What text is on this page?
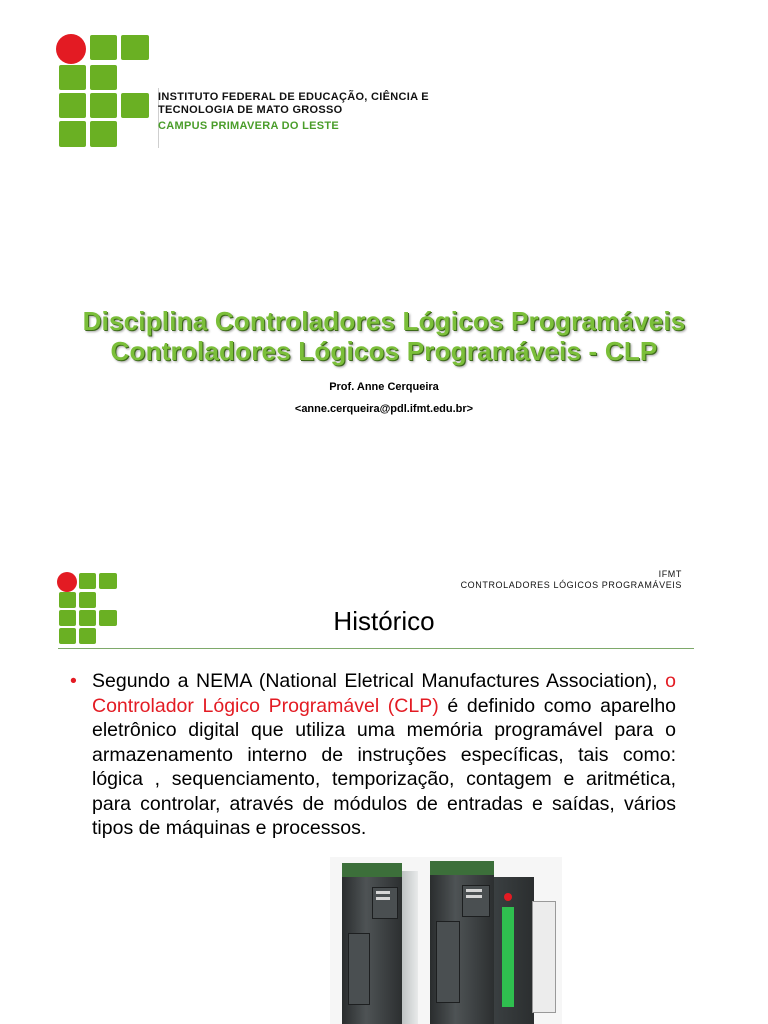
INSTITUTO FEDERAL DE EDUCAÇÃO, CIÊNCIA E
TECNOLOGIA DE MATO GROSSO
CAMPUS PRIMAVERA DO LESTE
Disciplina Controladores Lógicos Programáveis
Controladores Lógicos Programáveis - CLP
Prof. Anne Cerqueira
<anne.cerqueira@pdl.ifmt.edu.br>
IFMT
CONTROLADORES LÓGICOS PROGRAMÁVEIS
Histórico
• Segundo a NEMA (National Eletrical Manufactures Association), o Controlador Lógico Programável (CLP) é definido como aparelho eletrônico digital que utiliza uma memória programável para o armazenamento interno de instruções específicas, tais como: lógica , sequenciamento, temporização, contagem e aritmética, para controlar, através de módulos de entradas e saídas, vários tipos de máquinas e processos.
